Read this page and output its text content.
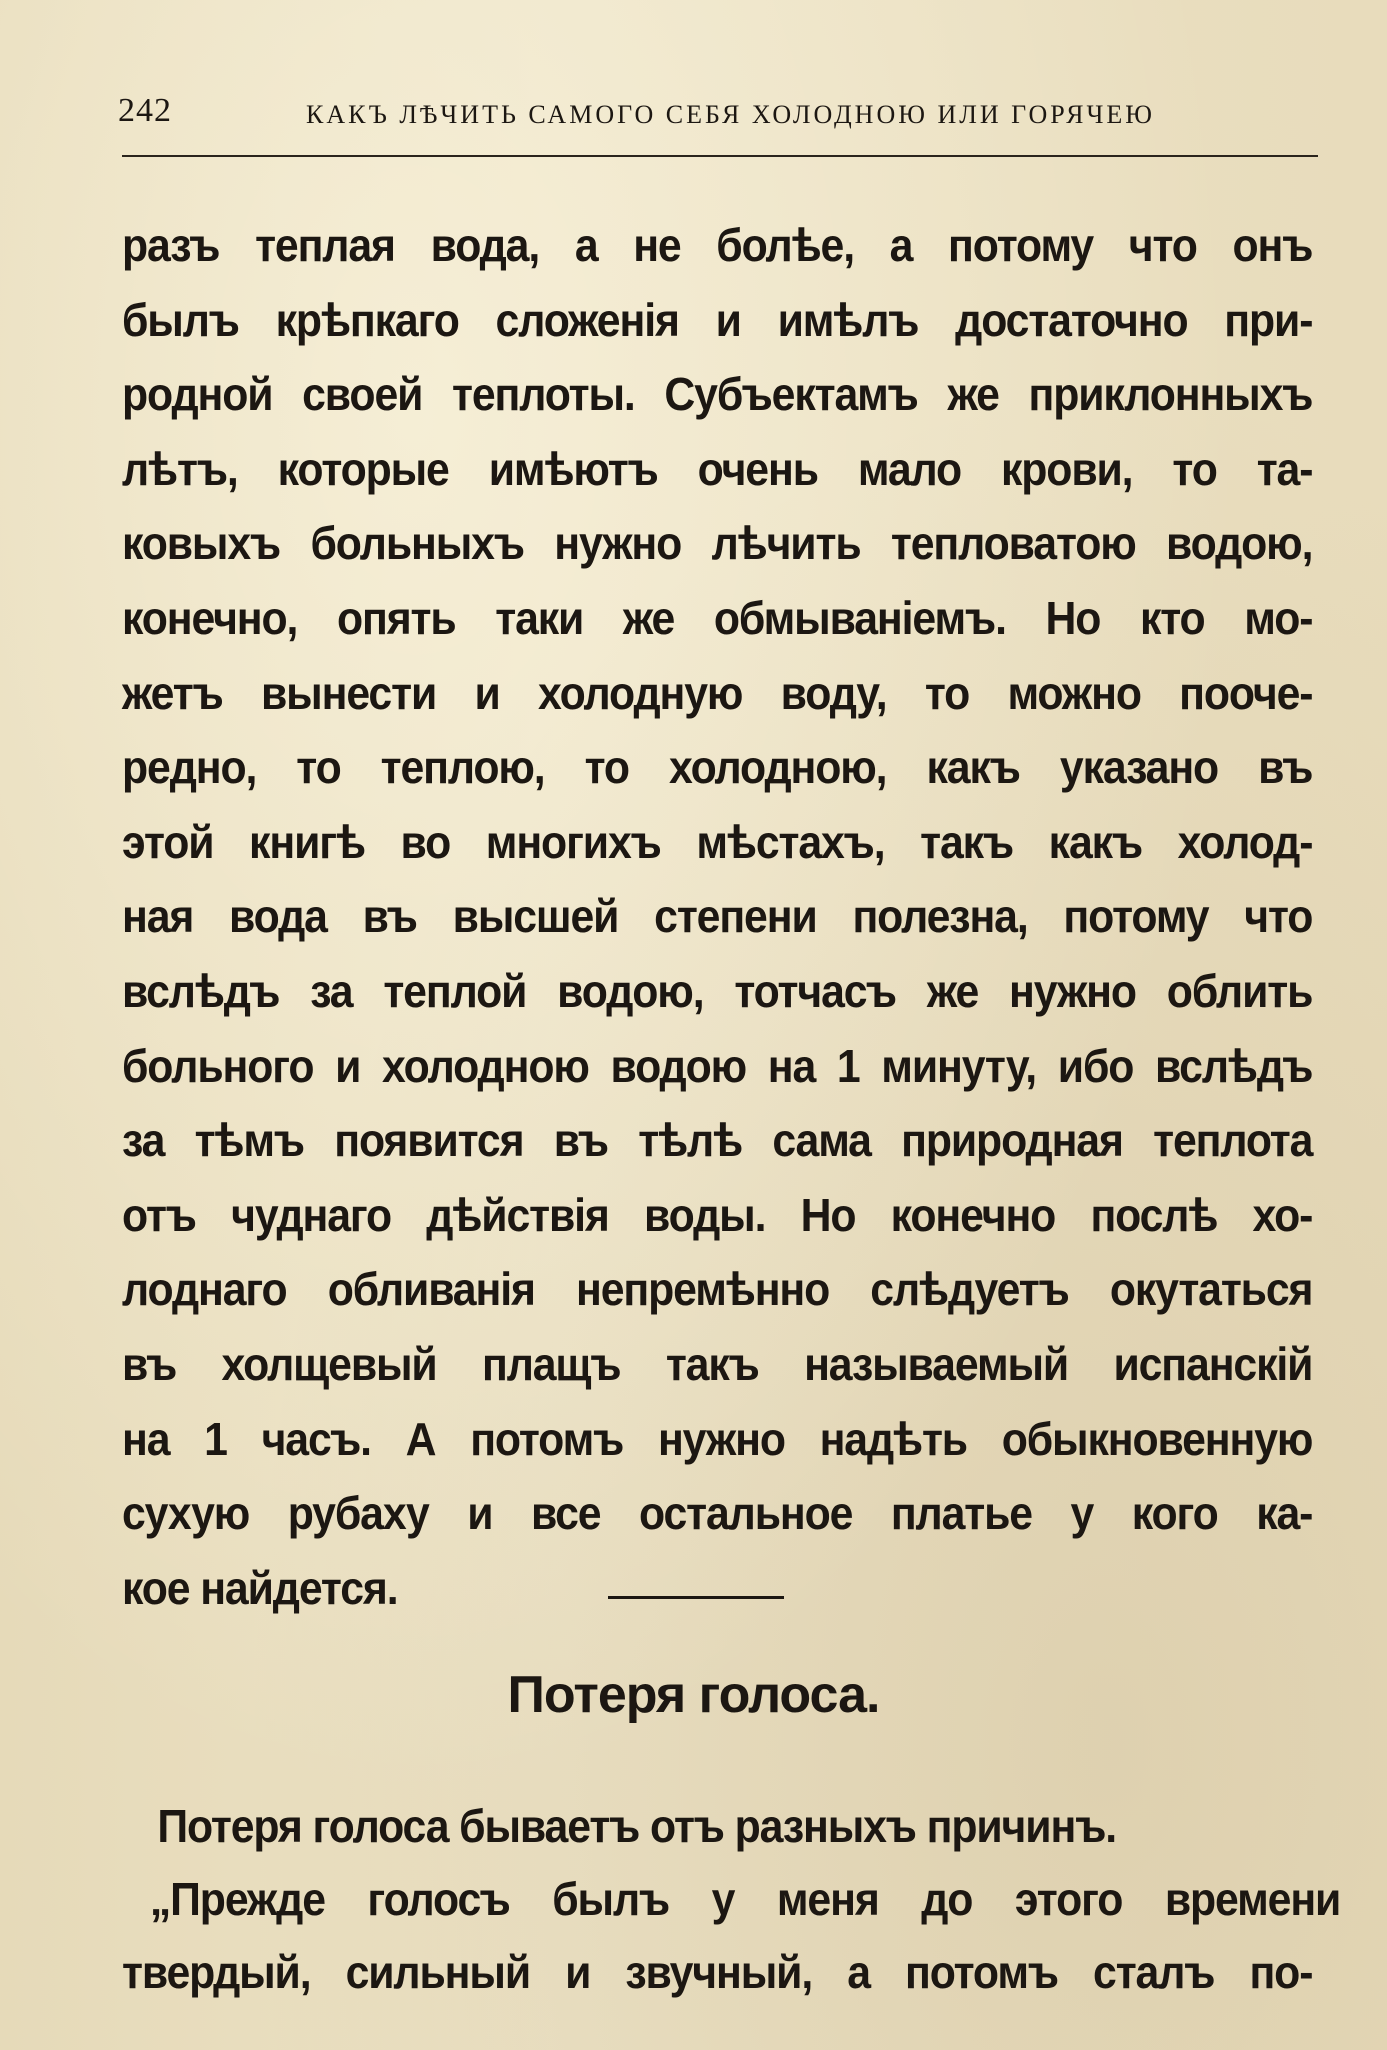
242	КАКЪ ЛѢЧИТЬ САМОГО СЕБЯ ХОЛОДНОЮ ИЛИ ГОРЯЧЕЮ
разъ теплая вода, а не болѣе, а потому что онъ
былъ крѣпкаго сложенія и имѣлъ достаточно при-
родной своей теплоты. Субъектамъ же приклонныхъ
лѣтъ, которые имѣютъ очень мало крови, то та-
ковыхъ больныхъ нужно лѣчить тепловатою водою,
конечно, опять таки же обмываніемъ. Но кто мо-
жетъ вынести и холодную воду, то можно пооче-
редно, то теплою, то холодною, какъ указано въ
этой книгѣ во многихъ мѣстахъ, такъ какъ холод-
ная вода въ высшей степени полезна, потому что
вслѣдъ за теплой водою, тотчасъ же нужно облить
больного и холодною водою на 1 минуту, ибо вслѣдъ
за тѣмъ появится въ тѣлѣ сама природная теплота
отъ чуднаго дѣйствія воды. Но конечно послѣ хо-
лоднаго обливанія непремѣнно слѣдуетъ окутаться
въ холщевый плащъ такъ называемый испанскій
на 1 часъ. А потомъ нужно надѣть обыкновенную
сухую рубаху и все остальное платье у кого ка-
кое найдется.
Потеря голоса.
Потеря голоса бываетъ отъ разныхъ причинъ.
„Прежде голосъ былъ у меня до этого времени
твердый, сильный и звучный, а потомъ сталъ по-
